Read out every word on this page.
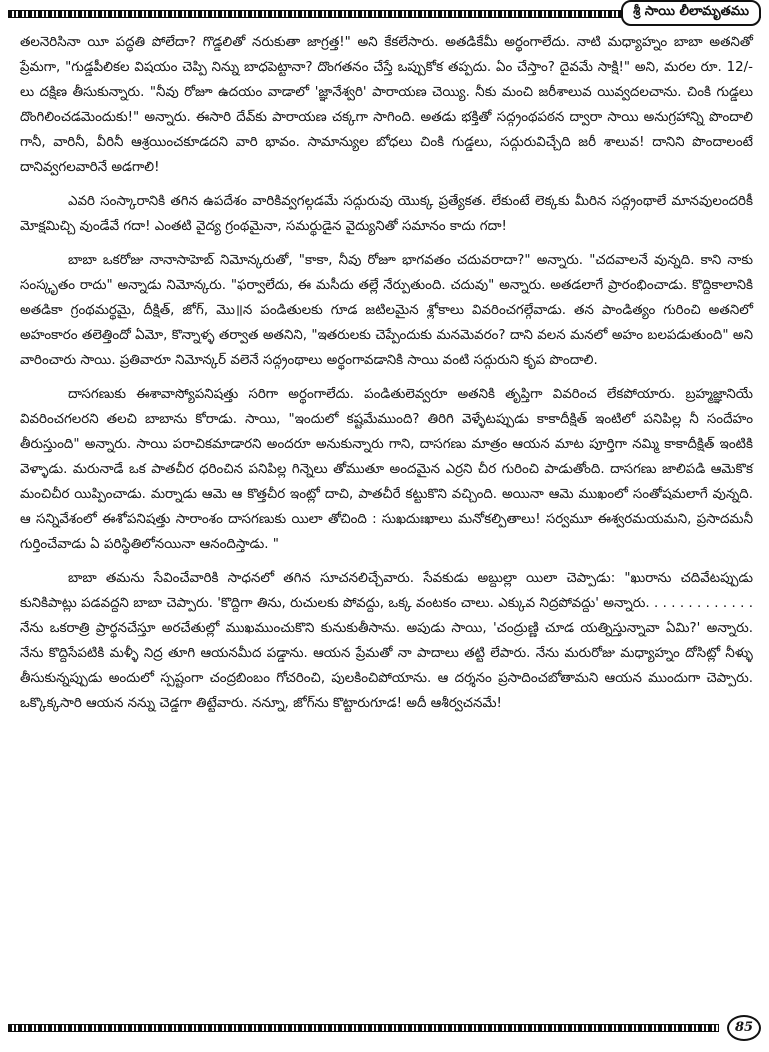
శ్రీ సాయి లీలామృతము

తలనెరిసినా యీ పద్ధతి పోలేదా? గొడ్డలితో నరుకుతా జాగ్రత్త!" అని కేకలేసారు. అతడికేమీ అర్థంగాలేదు. నాటి మధ్యాహ్నం బాబా అతనితో ప్రేమగా, "గుడ్డపీలికల విషయం చెప్పి నిన్ను బాధపెట్టానా? దొంగతనం చేస్తే ఒప్పుకోక తప్పదు. ఏం చేస్తాం? దైవమే సాక్షి!" అని, మరల రూ. 12/-లు దక్షిణ తీసుకున్నారు. "నీవు రోజూ ఉదయం వాడాలో 'జ్ఞానేశ్వరి' పారాయణ చెయ్యి. నీకు మంచి జరీశాలువ యివ్వదలచాను. చింకి గుడ్డలు దొంగిలించడమెందుకు!" అన్నారు. ఈసారి దేవ్‌కు పారాయణ చక్కగా సాగింది. అతడు భక్తితో సద్గ్రంథపఠన ద్వారా సాయి అనుగ్రహాన్ని పొందాలి గానీ, వారినీ, వీరినీ ఆశ్రయించకూడదని వారి భావం. సామాన్యుల బోధలు చింకి గుడ్డలు, సద్గురువిచ్చేది జరీ శాలువ! దానిని పొందాలంటే దానివ్వగలవారినే అడగాలి!

ఎవరి సంస్కారానికి తగిన ఉపదేశం వారికివ్వగల్గడమే సద్గురువు యొక్క ప్రత్యేకత. లేకుంటే లెక్కకు మీరిన సద్గ్రంథాలే మానవులందరికీ మోక్షమిచ్చి వుండేవే గదా! ఎంతటి వైద్య గ్రంథమైనా, సమర్థుడైన వైద్యునితో సమానం కాదు గదా!

బాబా ఒకరోజు నానాసాహెబ్ నిమోన్కరుతో, "కాకా, నీవు రోజూ భాగవతం చదువరాదా?" అన్నారు. "చదవాలనే వున్నది. కాని నాకు సంస్కృతం రాదు" అన్నాడు నిమోన్కరు. "ఫర్వాలేదు, ఈ మసీదు తల్లే నేర్పుతుంది. చదువు" అన్నారు. అతడలాగే ప్రారంభించాడు. కొద్దికాలానికి అతడికా గ్రంథమర్థమై, దీక్షిత్, జోగ్, మొ॥న పండితులకు గూడ జటిలమైన శ్లోకాలు వివరించగల్గేవాడు. తన పాండిత్యం గురించి అతనిలో అహంకారం తలెత్తిందో ఏమో, కొన్నాళ్ళ తర్వాత అతనిని, "ఇతరులకు చెప్పేందుకు మనమెవరం? దాని వలన మనలో అహం బలపడుతుంది" అని వారించారు సాయి. ప్రతివారూ నిమోన్కర్ వలెనే సద్గ్రంథాలు అర్థంగావడానికి సాయి వంటి సద్గురుని కృప పొందాలి.

దాసగణుకు ఈశావాస్యోపనిషత్తు సరిగా అర్థంగాలేదు. పండితులెవ్వరూ అతనికి తృప్తిగా వివరించ లేకపోయారు. బ్రహ్మజ్ఞానియే వివరించగలరని తలచి బాబాను కోరాడు. సాయి, "ఇందులో కష్టమేముంది? తిరిగి వెళ్ళేటప్పుడు కాకాదీక్షిత్ ఇంటిలో పనిపిల్ల నీ సందేహం తీరుస్తుంది" అన్నారు. సాయి పరాచికమాడారని అందరూ అనుకున్నారు గాని, దాసగణు మాత్రం ఆయన మాట పూర్తిగా నమ్మి కాకాదీక్షిత్ ఇంటికి వెళ్ళాడు. మరునాడే ఒక పాతచీర ధరించిన పనిపిల్ల గిన్నెలు తోముతూ అందమైన ఎర్రని చీర గురించి పాడుతోంది. దాసగణు జాలిపడి ఆమెకొక మంచిచీర యిప్పించాడు. మర్నాడు ఆమె ఆ కొత్తచీర ఇంట్లో దాచి, పాతచీరే కట్టుకొని వచ్చింది. అయినా ఆమె ముఖంలో సంతోషమలాగే వున్నది. ఆ సన్నివేశంలో ఈశోపనిషత్తు సారాంశం దాసగణుకు యిలా తోచింది : సుఖదుఃఖాలు మనోకల్పితాలు! సర్వమూ ఈశ్వరమయమని, ప్రసాదమనీ గుర్తించేవాడు ఏ పరిస్థితిలోనయినా ఆనందిస్తాడు. "

బాబా తమను సేవించేవారికి సాధనలో తగిన సూచనలిచ్చేవారు. సేవకుడు అబ్దుల్లా యిలా చెప్పాడు: "ఖురాను చదివేటప్పుడు కునికిపాట్లు పడవద్దని బాబా చెప్పారు. 'కొద్దిగా తిను, రుచులకు పోవద్దు, ఒక్క వంటకం చాలు. ఎక్కువ నిద్రపోవద్దు' అన్నారు. . . . . . . . . . . . . నేను ఒకరాత్రి ప్రార్థనచేస్తూ అరచేతుల్లో ముఖముంచుకొని కునుకుతీసాను. అపుడు సాయి, 'చంద్రుణ్ణి చూడ యత్నిస్తున్నావా ఏమి?' అన్నారు. నేను కొద్దిసేపటికి మళ్ళీ నిద్ర తూగి ఆయనమీద పడ్డాను. ఆయన ప్రేమతో నా పాదాలు తట్టి లేపారు. నేను మరురోజు మధ్యాహ్నం దోసిట్లో నీళ్ళు తీసుకున్నప్పుడు అందులో స్పష్టంగా చంద్రబింబం గోచరించి, పులకించిపోయాను. ఆ దర్శనం ప్రసాదించబోతామని ఆయన ముందుగా చెప్పారు. ఒక్కొక్కసారి ఆయన నన్ను చెడ్డగా తిట్టేవారు. నన్నూ, జోగ్‌ను కొట్టారుగూడ! అదీ ఆశీర్వచనమే!

85
